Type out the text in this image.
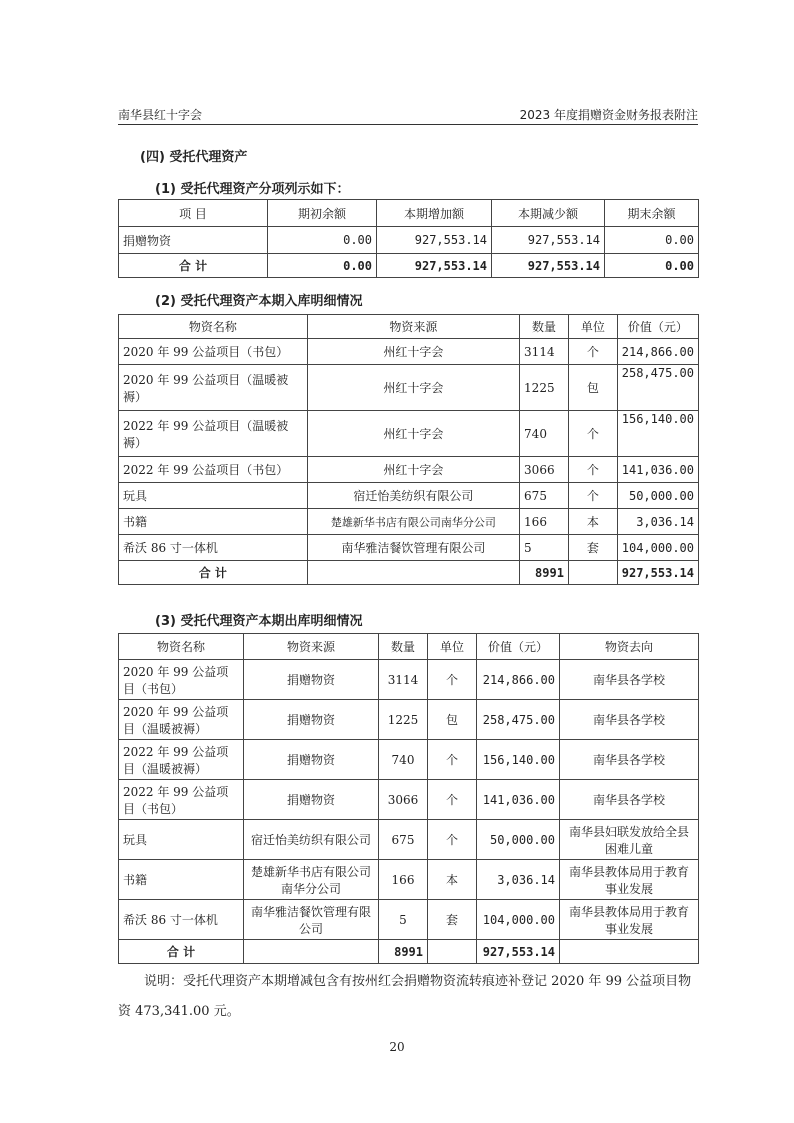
南华县红十字会	2023 年度捐赠资金财务报表附注
(四) 受托代理资产
(1) 受托代理资产分项列示如下：
项 目	期初余额	本期增加额	本期减少额	期末余额
捐赠物资	0.00	927,553.14	927,553.14	0.00
合 计	0.00	927,553.14	927,553.14	0.00
(2) 受托代理资产本期入库明细情况
物资名称	物资来源	数量	单位	价值（元）
2020 年 99 公益项目（书包）	州红十字会	3114	个	214,866.00
2020 年 99 公益项目（温暖被褥）	州红十字会	1225	包	258,475.00
2022 年 99 公益项目（温暖被褥）	州红十字会	740	个	156,140.00
2022 年 99 公益项目（书包）	州红十字会	3066	个	141,036.00
玩具	宿迁怡美纺织有限公司	675	个	50,000.00
书籍	楚雄新华书店有限公司南华分公司	166	本	3,036.14
希沃 86 寸一体机	南华雅洁餐饮管理有限公司	5	套	104,000.00
合 计		8991		927,553.14
(3) 受托代理资产本期出库明细情况
物资名称	物资来源	数量	单位	价值（元）	物资去向
2020 年 99 公益项目（书包）	捐赠物资	3114	个	214,866.00	南华县各学校
2020 年 99 公益项目（温暖被褥）	捐赠物资	1225	包	258,475.00	南华县各学校
2022 年 99 公益项目（温暖被褥）	捐赠物资	740	个	156,140.00	南华县各学校
2022 年 99 公益项目（书包）	捐赠物资	3066	个	141,036.00	南华县各学校
玩具	宿迁怡美纺织有限公司	675	个	50,000.00	南华县妇联发放给全县困难儿童
书籍	楚雄新华书店有限公司南华分公司	166	本	3,036.14	南华县教体局用于教育事业发展
希沃 86 寸一体机	南华雅洁餐饮管理有限公司	5	套	104,000.00	南华县教体局用于教育事业发展
合 计		8991		927,553.14	
说明：受托代理资产本期增减包含有按州红会捐赠物资流转痕迹补登记 2020 年 99 公益项目物资 473,341.00 元。
20
